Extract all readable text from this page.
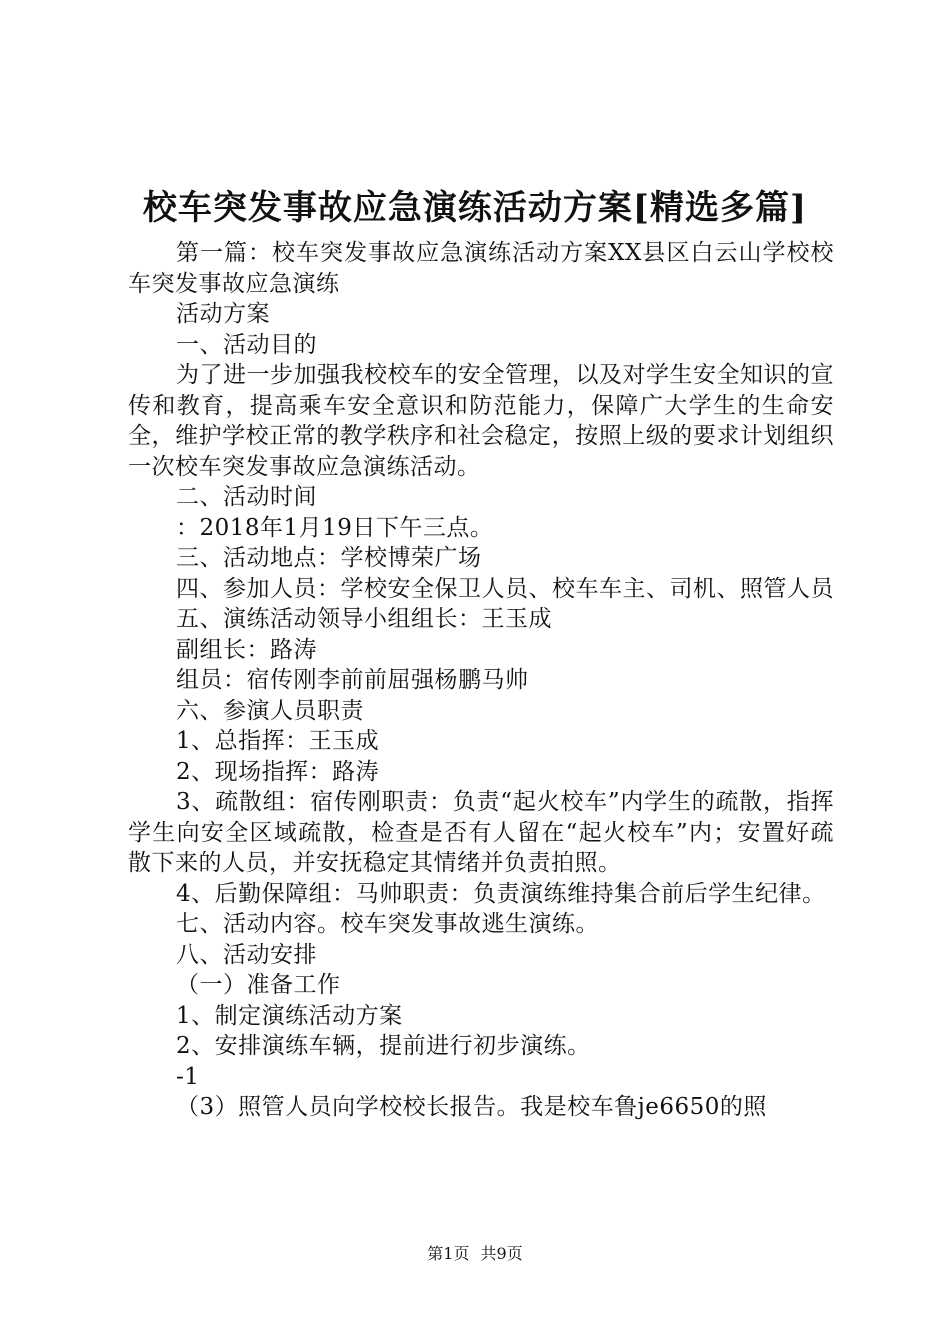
校车突发事故应急演练活动方案[精选多篇]

第一篇：校车突发事故应急演练活动方案XX县区白云山学校校车突发事故应急演练

活动方案

一、活动目的

为了进一步加强我校校车的安全管理，以及对学生安全知识的宣传和教育，提高乘车安全意识和防范能力，保障广大学生的生命安全，维护学校正常的教学秩序和社会稳定，按照上级的要求计划组织一次校车突发事故应急演练活动。

二、活动时间

：2018年1月19日下午三点。

三、活动地点：学校博荣广场

四、参加人员：学校安全保卫人员、校车车主、司机、照管人员

五、演练活动领导小组组长：王玉成

副组长：路涛

组员：宿传刚李前前屈强杨鹏马帅

六、参演人员职责

1、总指挥：王玉成

2、现场指挥：路涛

3、疏散组：宿传刚职责：负责“起火校车”内学生的疏散，指挥学生向安全区域疏散，检查是否有人留在“起火校车”内；安置好疏散下来的人员，并安抚稳定其情绪并负责拍照。

4、后勤保障组：马帅职责：负责演练维持集合前后学生纪律。

七、活动内容。校车突发事故逃生演练。

八、活动安排

（一）准备工作

1、制定演练活动方案

2、安排演练车辆，提前进行初步演练。

-1

（3）照管人员向学校校长报告。我是校车鲁je6650的照

第1页 共9页
